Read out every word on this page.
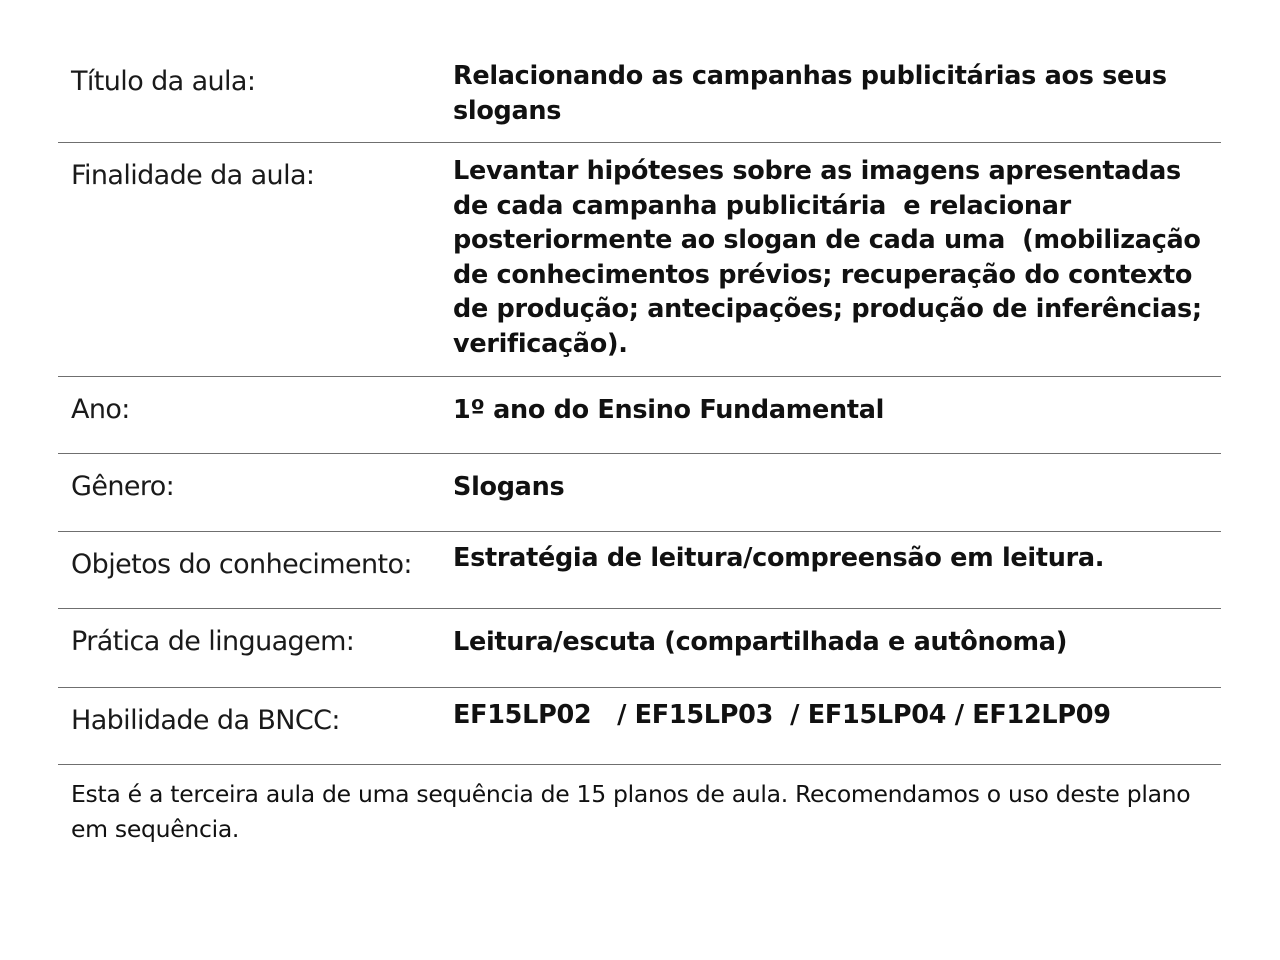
Título da aula:	Relacionando as campanhas publicitárias aos seus slogans

Finalidade da aula:	Levantar hipóteses sobre as imagens apresentadas de cada campanha publicitária  e relacionar posteriormente ao slogan de cada uma  (mobilização de conhecimentos prévios; recuperação do contexto de produção; antecipações; produção de inferências; verificação).

Ano:	1º ano do Ensino Fundamental

Gênero:	Slogans

Objetos do conhecimento:	Estratégia de leitura/compreensão em leitura.

Prática de linguagem:	Leitura/escuta (compartilhada e autônoma)

Habilidade da BNCC:	EF15LP02   / EF15LP03  / EF15LP04 / EF12LP09

Esta é a terceira aula de uma sequência de 15 planos de aula. Recomendamos o uso deste plano em sequência.
